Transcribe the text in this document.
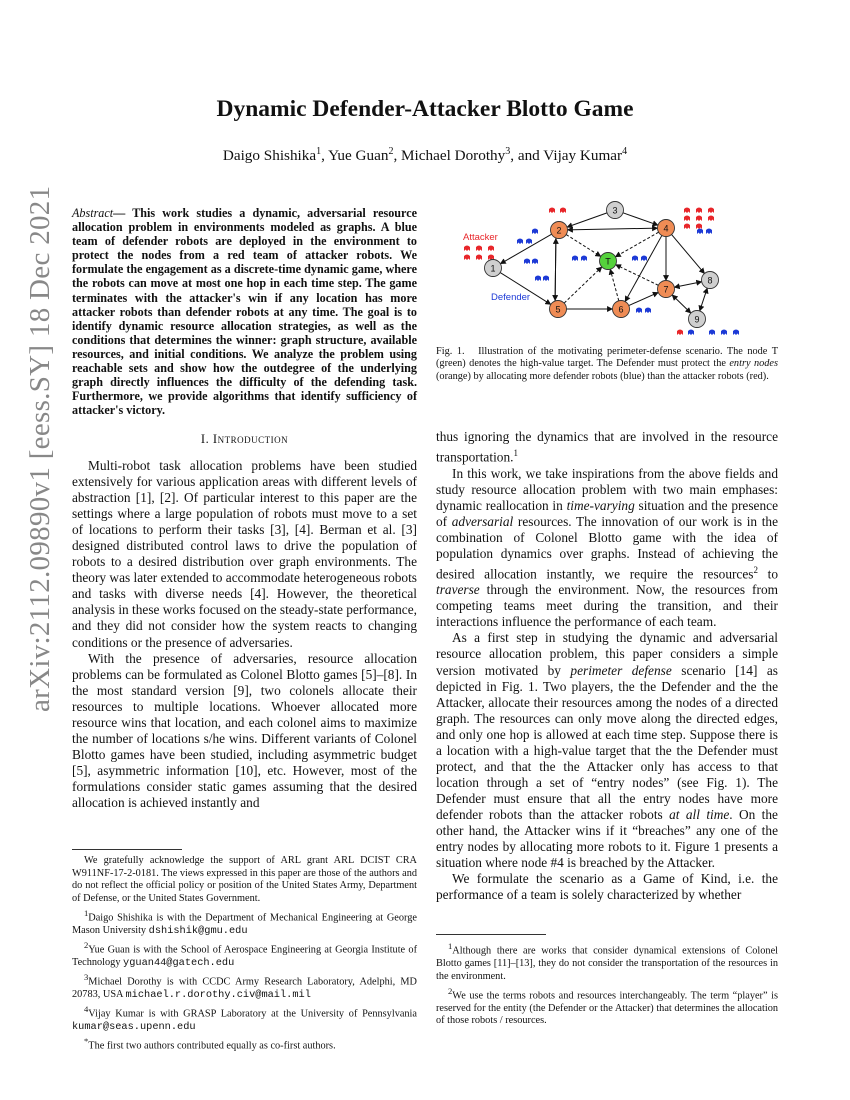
arXiv:2112.09890v1 [eess.SY] 18 Dec 2021
Dynamic Defender-Attacker Blotto Game
Daigo Shishika$^1$, Yue Guan$^2$, Michael Dorothy$^3$, and Vijay Kumar$^4$
Abstract— This work studies a dynamic, adversarial resource allocation problem in environments modeled as graphs. A blue team of defender robots are deployed in the environment to protect the nodes from a red team of attacker robots. We formulate the engagement as a discrete-time dynamic game, where the robots can move at most one hop in each time step. The game terminates with the attacker's win if any location has more attacker robots than defender robots at any time. The goal is to identify dynamic resource allocation strategies, as well as the conditions that determines the winner: graph structure, available resources, and initial conditions. We analyze the problem using reachable sets and show how the outdegree of the underlying graph directly influences the difficulty of the defending task. Furthermore, we provide algorithms that identify sufficiency of attacker's victory.
I. Introduction

Multi-robot task allocation problems have been studied extensively for various application areas with different levels of abstraction [1], [2]. Of particular interest to this paper are the settings where a large population of robots must move to a set of locations to perform their tasks [3], [4]. Berman et al. [3] designed distributed control laws to drive the population of robots to a desired distribution over graph environments. The theory was later extended to accommodate heterogeneous robots and tasks with diverse needs [4]. However, the theoretical analysis in these works focused on the steady-state performance, and they did not consider how the system reacts to changing conditions or the presence of adversaries.

With the presence of adversaries, resource allocation problems can be formulated as Colonel Blotto games [5]–[8]. In the most standard version [9], two colonels allocate their resources to multiple locations. Whoever allocated more resource wins that location, and each colonel aims to maximize the number of locations s/he wins. Different variants of Colonel Blotto games have been studied, including asymmetric budget [5], asymmetric information [10], etc. However, most of the formulations consider static games assuming that the desired allocation is achieved instantly and

We gratefully acknowledge the support of ARL grant ARL DCIST CRA W911NF-17-2-0181. The views expressed in this paper are those of the authors and do not reflect the official policy or position of the United States Army, Department of Defense, or the United States Government.

$^1$Daigo Shishika is with the Department of Mechanical Engineering at George Mason University dshishik@gmu.edu

$^2$Yue Guan is with the School of Aerospace Engineering at Georgia Institute of Technology yguan44@gatech.edu

$^3$Michael Dorothy is with CCDC Army Research Laboratory, Adelphi, MD 20783, USA michael.r.dorothy.civ@mail.mil

$^4$Vijay Kumar is with GRASP Laboratory at the University of Pennsylvania kumar@seas.upenn.edu

*The first two authors contributed equally as co-first authors.

1
2
3
4
5	6
7
8
9
T
Attacker
Defender
Fig. 1. Illustration of the motivating perimeter-defense scenario. The node T (green) denotes the high-value target. The Defender must protect the entry nodes (orange) by allocating more defender robots (blue) than the attacker robots (red).

thus ignoring the dynamics that are involved in the resource transportation.$^1$

In this work, we take inspirations from the above fields and study resource allocation problem with two main emphases: dynamic reallocation in time-varying situation and the presence of adversarial resources. The innovation of our work is in the combination of Colonel Blotto game with the idea of population dynamics over graphs. Instead of achieving the desired allocation instantly, we require the resources$^2$ to traverse through the environment. Now, the resources from competing teams meet during the transition, and their interactions influence the performance of each team.

As a first step in studying the dynamic and adversarial resource allocation problem, this paper considers a simple version motivated by perimeter defense scenario [14] as depicted in Fig. 1. Two players, the the Defender and the the Attacker, allocate their resources among the nodes of a directed graph. The resources can only move along the directed edges, and only one hop is allowed at each time step. Suppose there is a location with a high-value target that the the Defender must protect, and that the the Attacker only has access to that location through a set of “entry nodes” (see Fig. 1). The Defender must ensure that all the entry nodes have more defender robots than the attacker robots at all time. On the other hand, the Attacker wins if it “breaches” any one of the entry nodes by allocating more robots to it. Figure 1 presents a situation where node #4 is breached by the Attacker.

We formulate the scenario as a Game of Kind, i.e. the performance of a team is solely characterized by whether

$^1$Although there are works that consider dynamical extensions of Colonel Blotto games [11]–[13], they do not consider the transportation of the resources in the environment.

$^2$We use the terms robots and resources interchangeably. The term “player” is reserved for the entity (the Defender or the Attacker) that determines the allocation of those robots / resources.
